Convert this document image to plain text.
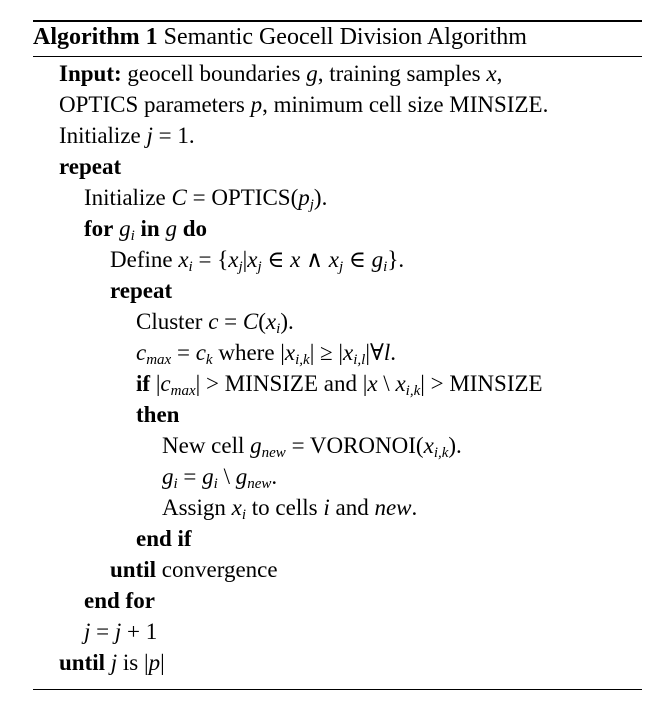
Algorithm 1 Semantic Geocell Division Algorithm
Input: geocell boundaries g, training samples x,
OPTICS parameters p, minimum cell size MINSIZE.
Initialize j = 1.
repeat
Initialize $C = OPTICS(p_j)$.
for $g_i$ in g do
Define $x_i = \{x_j|x_j$ ∈ x ∧ $x_j$ ∈ $g_i$}.
repeat
Cluster $c = C(x_i)$.
$c_{max} = c_k$ where $|x_{i,k}|$ ≥ $|x_{i,l}|\forall l$.
if $|c_{max}|$ > MINSIZE and |x \ $x_{i,k}|$ > MINSIZE
then
New cell $g_{new}$ = $VORONOI(x_{i,k})$.
$g_i = g_i$ \ $g_{new}$.
Assign $x_i$ to cells i and new.
end if
until convergence
end for
j = j + 1
until j is |p|
